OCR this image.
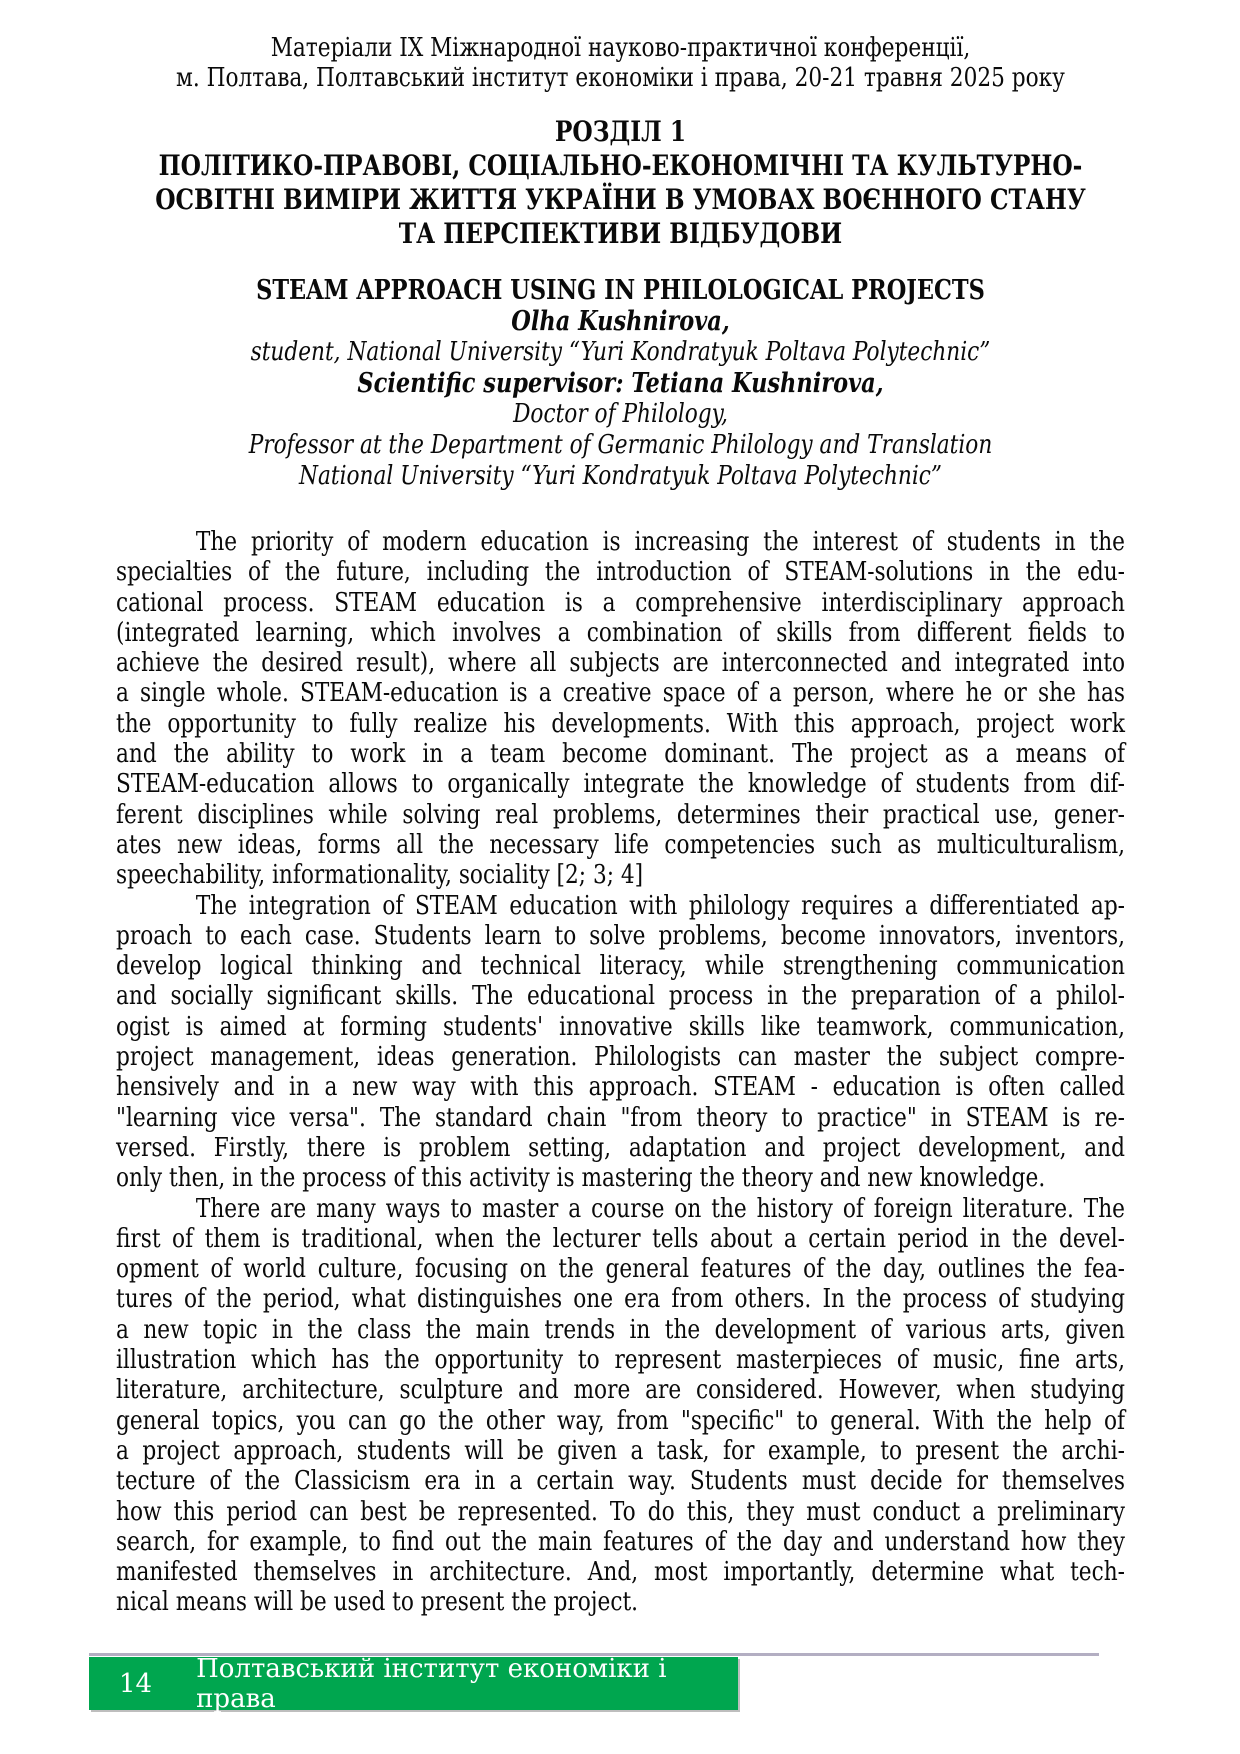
Матеріали ІХ Міжнародної науково-практичної конференції,
м. Полтава, Полтавський інститут економіки і права, 20-21 травня 2025 року
РОЗДІЛ 1
ПОЛІТИКО-ПРАВОВІ, СОЦІАЛЬНО-ЕКОНОМІЧНІ ТА КУЛЬТУРНО-
ОСВІТНІ ВИМІРИ ЖИТТЯ УКРАЇНИ В УМОВАХ ВОЄННОГО СТАНУ
ТА ПЕРСПЕКТИВИ ВІДБУДОВИ
STEAM APPROACH USING IN PHILOLOGICAL PROJECTS
Olha Kushnirova,
student, National University “Yuri Kondratyuk Poltava Polytechnic”
Scientific supervisor: Tetiana Kushnirova,
Doctor of Philology,
Professor at the Department of Germanic Philology and Translation
National University “Yuri Kondratyuk Poltava Polytechnic”
The priority of modern education is increasing the interest of students in the
specialties of the future, including the introduction of STEAM-solutions in the edu-
cational process. STEAM education is a comprehensive interdisciplinary approach
(integrated learning, which involves a combination of skills from different fields to
achieve the desired result), where all subjects are interconnected and integrated into
a single whole. STEAM-education is a creative space of a person, where he or she has
the opportunity to fully realize his developments. With this approach, project work
and the ability to work in a team become dominant. The project as a means of
STEAM-education allows to organically integrate the knowledge of students from dif-
ferent disciplines while solving real problems, determines their practical use, gener-
ates new ideas, forms all the necessary life competencies such as multiculturalism,
speechability, informationality, sociality [2; 3; 4]
The integration of STEAM education with philology requires a differentiated ap-
proach to each case. Students learn to solve problems, become innovators, inventors,
develop logical thinking and technical literacy, while strengthening communication
and socially significant skills. The educational process in the preparation of a philol-
ogist is aimed at forming students' innovative skills like teamwork, communication,
project management, ideas generation. Philologists can master the subject compre-
hensively and in a new way with this approach. STEAM - education is often called
"learning vice versa". The standard chain "from theory to practice" in STEAM is re-
versed. Firstly, there is problem setting, adaptation and project development, and
only then, in the process of this activity is mastering the theory and new knowledge.
There are many ways to master a course on the history of foreign literature. The
first of them is traditional, when the lecturer tells about a certain period in the devel-
opment of world culture, focusing on the general features of the day, outlines the fea-
tures of the period, what distinguishes one era from others. In the process of studying
a new topic in the class the main trends in the development of various arts, given
illustration which has the opportunity to represent masterpieces of music, fine arts,
literature, architecture, sculpture and more are considered. However, when studying
general topics, you can go the other way, from "specific" to general. With the help of
a project approach, students will be given a task, for example, to present the archi-
tecture of the Classicism era in a certain way. Students must decide for themselves
how this period can best be represented. To do this, they must conduct a preliminary
search, for example, to find out the main features of the day and understand how they
manifested themselves in architecture. And, most importantly, determine what tech-
nical means will be used to present the project.
14 Полтавський інститут економіки і права
